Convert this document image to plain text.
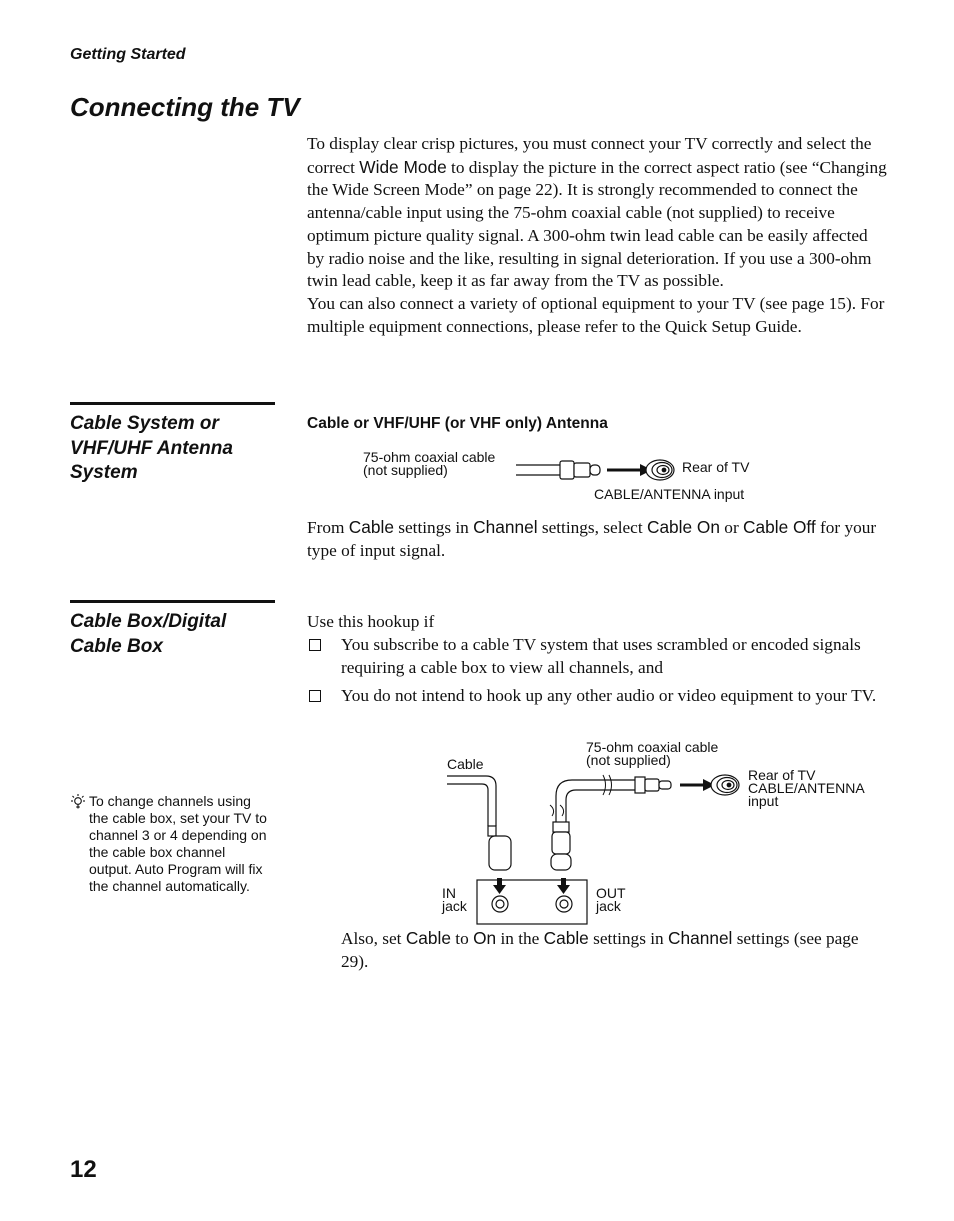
Getting Started
Connecting the TV
To display clear crisp pictures, you must connect your TV correctly and select the correct Wide Mode to display the picture in the correct aspect ratio (see “Changing the Wide Screen Mode” on page 22). It is strongly recommended to connect the antenna/cable input using the 75-ohm coaxial cable (not supplied) to receive optimum picture quality signal. A 300-ohm twin lead cable can be easily affected by radio noise and the like, resulting in signal deterioration. If you use a 300-ohm twin lead cable, keep it as far away from the TV as possible.
You can also connect a variety of optional equipment to your TV (see page 15). For multiple equipment connections, please refer to the Quick Setup Guide.
Cable System or VHF/UHF Antenna System
Cable or VHF/UHF (or VHF only) Antenna
75-ohm coaxial cable
(not supplied)	Rear of TV
CABLE/ANTENNA input
From Cable settings in Channel settings, select Cable On or Cable Off for your type of input signal.
Cable Box/Digital Cable Box
Use this hookup if
You subscribe to a cable TV system that uses scrambled or encoded signals requiring a cable box to view all channels, and
You do not intend to hook up any other audio or video equipment to your TV.
To change channels using the cable box, set your TV to channel 3 or 4 depending on the cable box channel output. Auto Program will fix the channel automatically.
Cable
75-ohm coaxial cable
(not supplied)
Rear of TV
CABLE/ANTENNA
input
IN
jack
OUT
jack
Also, set Cable to On in the Cable settings in Channel settings (see page 29).
12
